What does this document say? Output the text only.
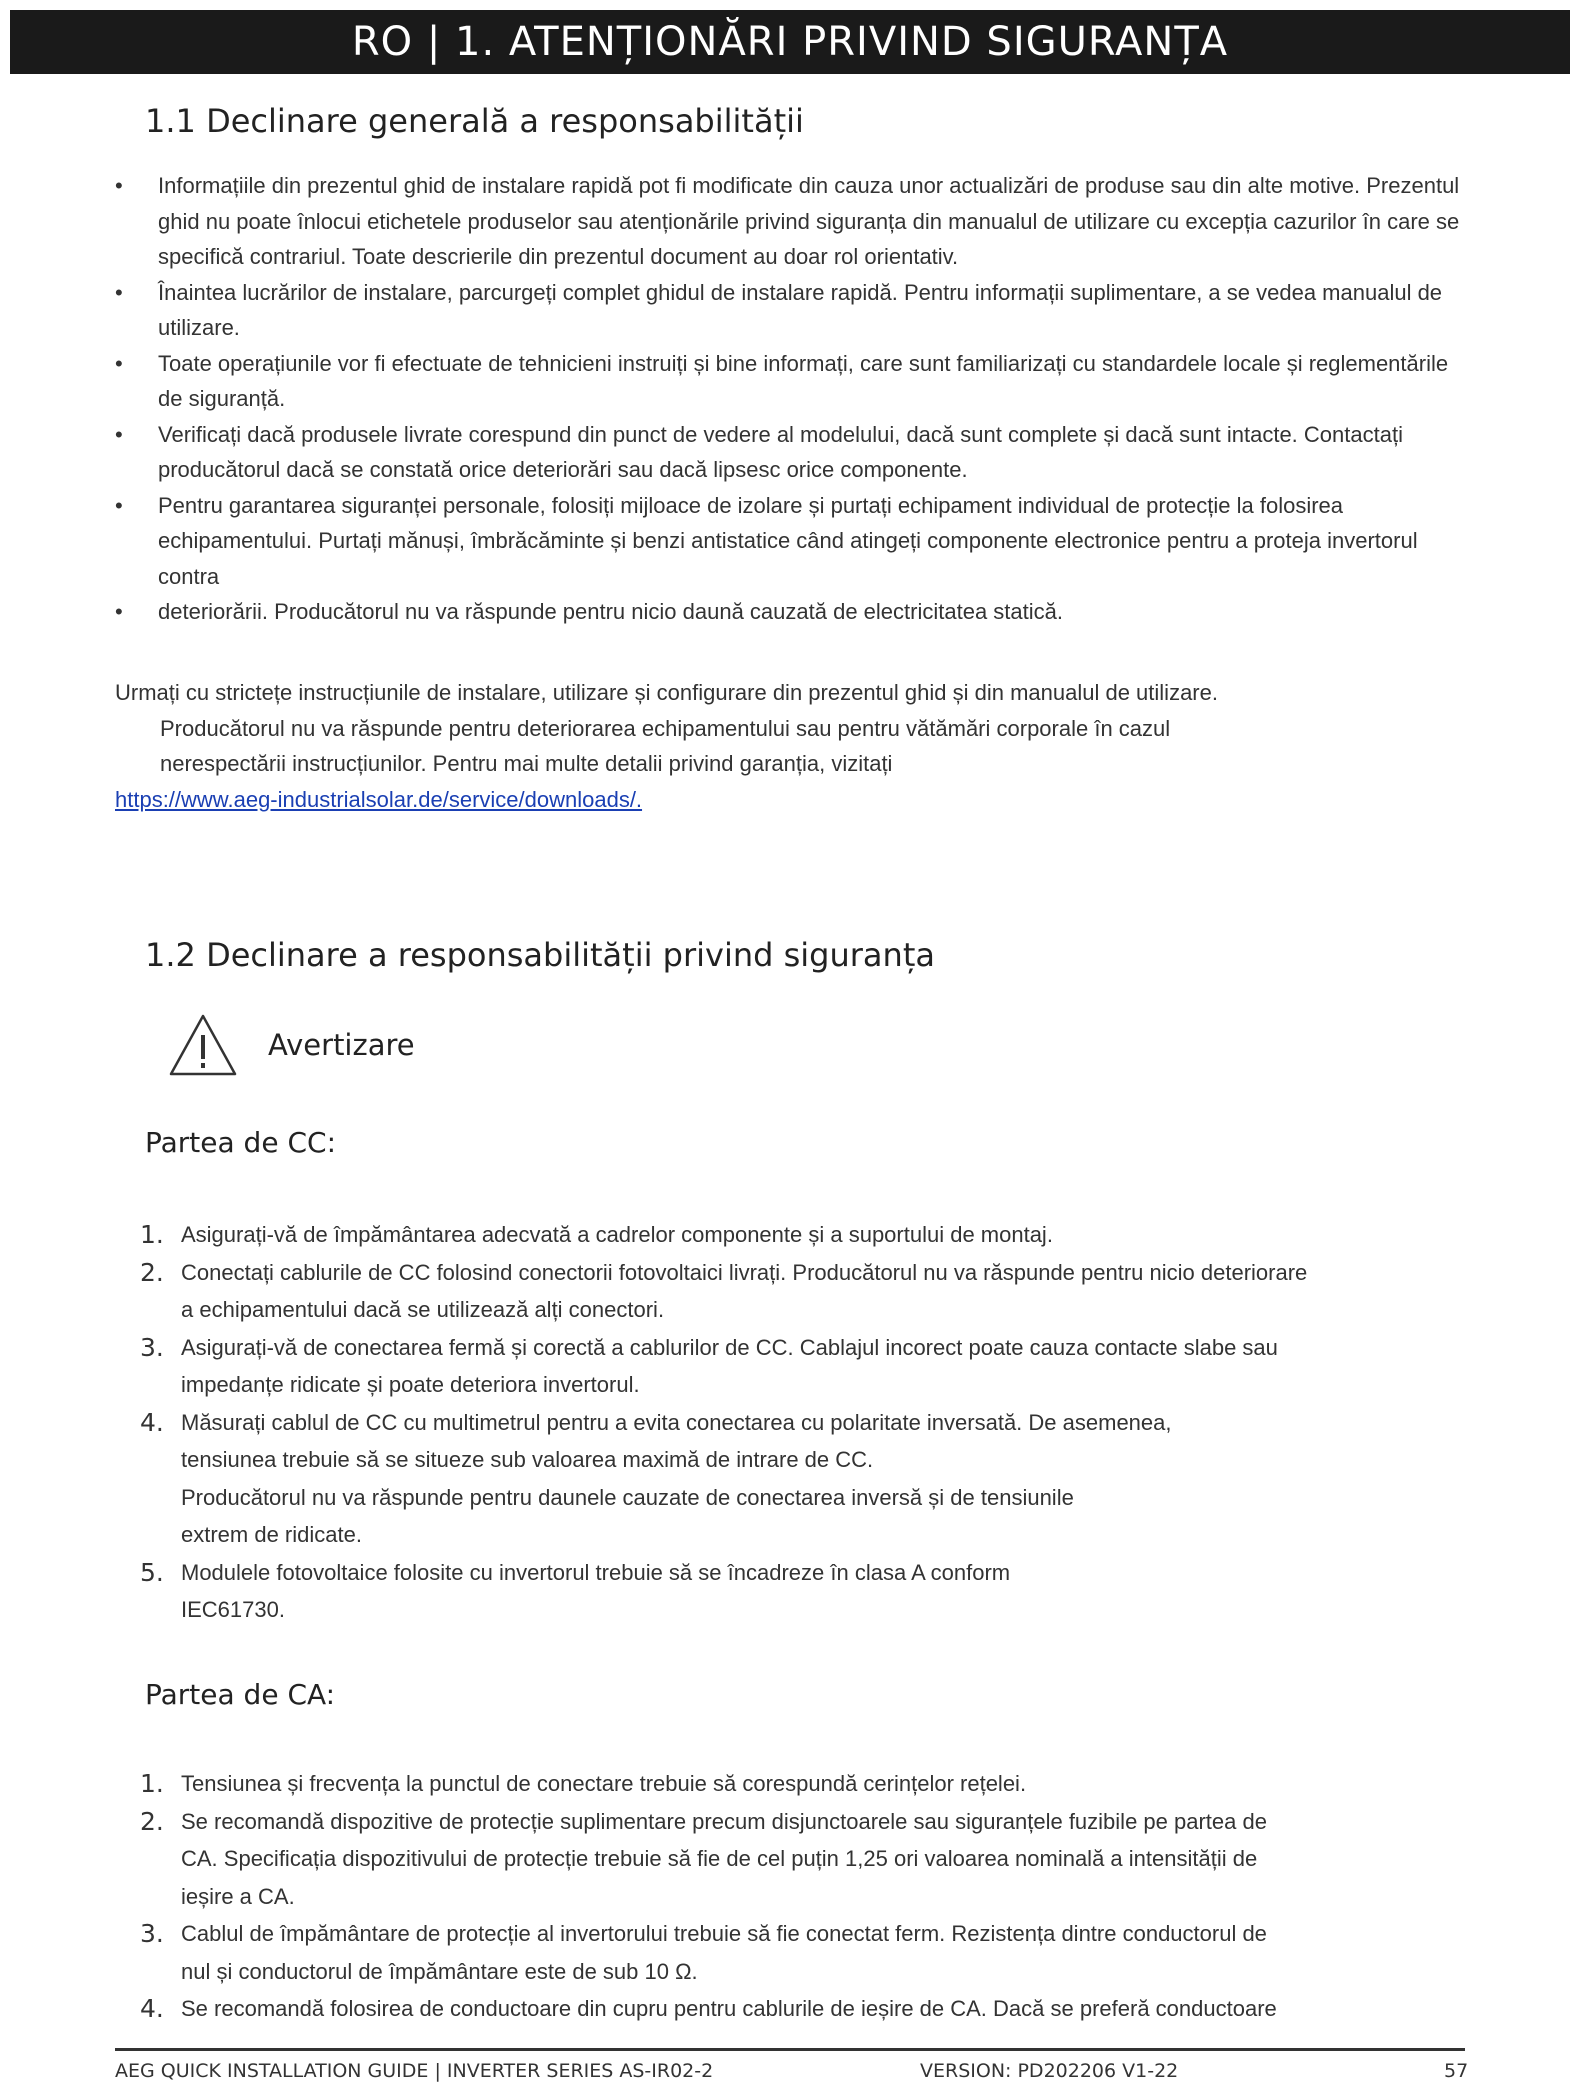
RO | 1. ATENȚIONĂRI PRIVIND SIGURANȚA
1.1 Declinare generală a responsabilității
• Informațiile din prezentul ghid de instalare rapidă pot fi modificate din cauza unor actualizări de produse sau din alte motive. Prezentul ghid nu poate înlocui etichetele produselor sau atenționările privind siguranța din manualul de utilizare cu excepția cazurilor în care se specifică contrariul. Toate descrierile din prezentul document au doar rol orientativ.
• Înaintea lucrărilor de instalare, parcurgeți complet ghidul de instalare rapidă. Pentru informații suplimentare, a se vedea manualul de utilizare.
• Toate operațiunile vor fi efectuate de tehnicieni instruiți și bine informați, care sunt familiarizați cu standardele locale și reglementările de siguranță.
• Verificați dacă produsele livrate corespund din punct de vedere al modelului, dacă sunt complete și dacă sunt intacte. Contactați producătorul dacă se constată orice deteriorări sau dacă lipsesc orice componente.
• Pentru garantarea siguranței personale, folosiți mijloace de izolare și purtați echipament individual de protecție la folosirea echipamentului. Purtați mănuși, îmbrăcăminte și benzi antistatice când atingeți componente electronice pentru a proteja invertorul contra
• deteriorării. Producătorul nu va răspunde pentru nicio daună cauzată de electricitatea statică.
Urmați cu strictețe instrucțiunile de instalare, utilizare și configurare din prezentul ghid și din manualul de utilizare.
Producătorul nu va răspunde pentru deteriorarea echipamentului sau pentru vătămări corporale în cazul
nerespectării instrucțiunilor. Pentru mai multe detalii privind garanția, vizitați
https://www.aeg-industrialsolar.de/service/downloads/.
1.2 Declinare a responsabilității privind siguranța
Avertizare
Partea de CC:
1. Asigurați-vă de împământarea adecvată a cadrelor componente și a suportului de montaj.
2. Conectați cablurile de CC folosind conectorii fotovoltaici livrați. Producătorul nu va răspunde pentru nicio deteriorare
a echipamentului dacă se utilizează alți conectori.
3. Asigurați-vă de conectarea fermă și corectă a cablurilor de CC. Cablajul incorect poate cauza contacte slabe sau
impedanțe ridicate și poate deteriora invertorul.
4. Măsurați cablul de CC cu multimetrul pentru a evita conectarea cu polaritate inversată. De asemenea,
tensiunea trebuie să se situeze sub valoarea maximă de intrare de CC.
Producătorul nu va răspunde pentru daunele cauzate de conectarea inversă și de tensiunile
extrem de ridicate.
5. Modulele fotovoltaice folosite cu invertorul trebuie să se încadreze în clasa A conform
IEC61730.
Partea de CA:
1. Tensiunea și frecvența la punctul de conectare trebuie să corespundă cerințelor rețelei.
2. Se recomandă dispozitive de protecție suplimentare precum disjunctoarele sau siguranțele fuzibile pe partea de
CA. Specificația dispozitivului de protecție trebuie să fie de cel puțin 1,25 ori valoarea nominală a intensității de
ieșire a CA.
3. Cablul de împământare de protecție al invertorului trebuie să fie conectat ferm. Rezistența dintre conductorul de
nul și conductorul de împământare este de sub 10 Ω.
4. Se recomandă folosirea de conductoare din cupru pentru cablurile de ieșire de CA. Dacă se preferă conductoare
AEG QUICK INSTALLATION GUIDE | INVERTER SERIES AS-IR02-2	VERSION: PD202206 V1-22	57
